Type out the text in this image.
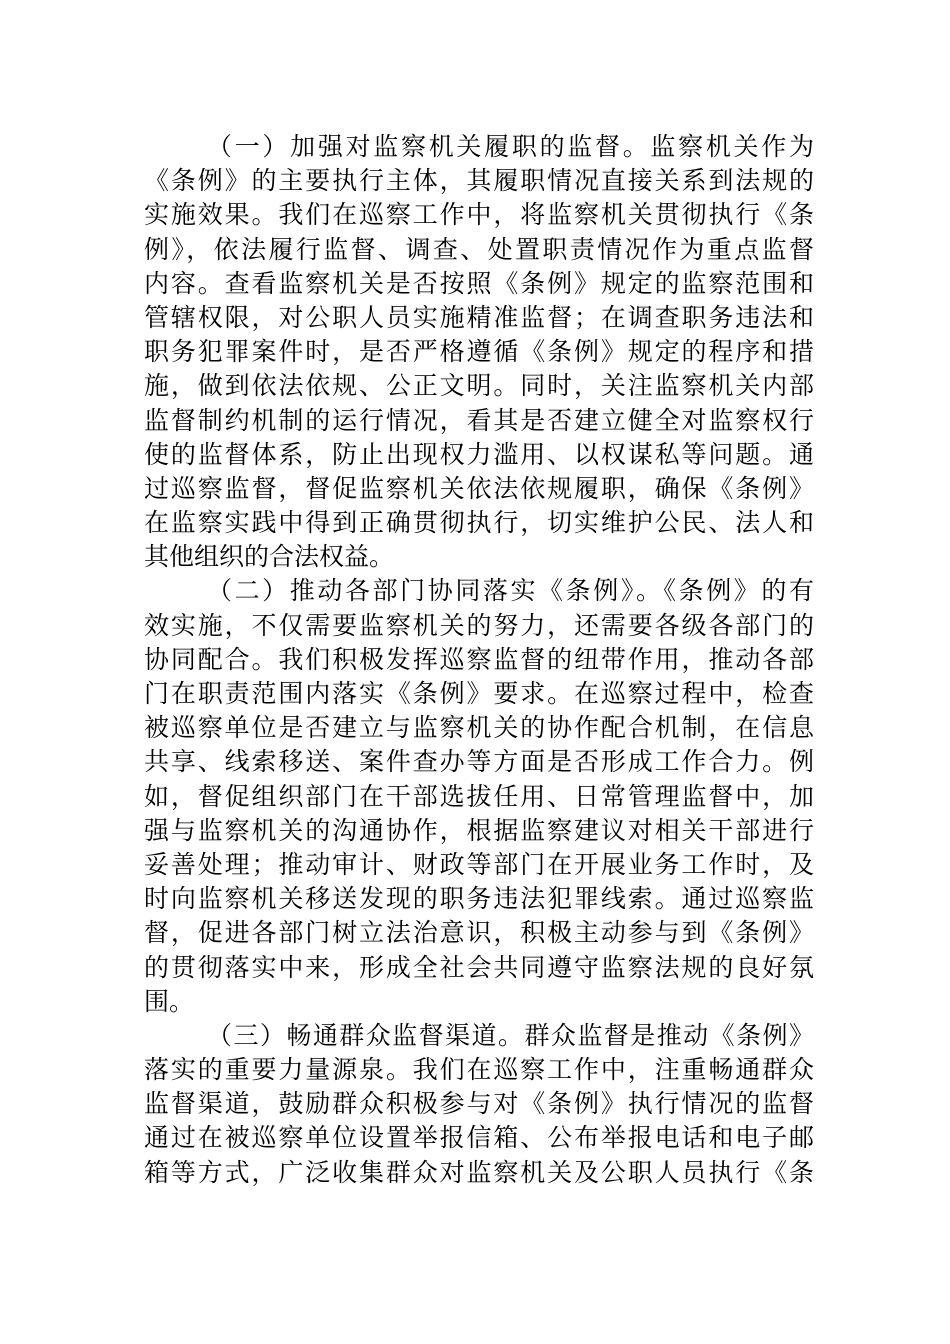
（一）加强对监察机关履职的监督。监察机关作为
《条例》的主要执行主体，其履职情况直接关系到法规的
实施效果。我们在巡察工作中，将监察机关贯彻执行《条
例》，依法履行监督、调查、处置职责情况作为重点监督
内容。查看监察机关是否按照《条例》规定的监察范围和
管辖权限，对公职人员实施精准监督；在调查职务违法和
职务犯罪案件时，是否严格遵循《条例》规定的程序和措
施，做到依法依规、公正文明。同时，关注监察机关内部
监督制约机制的运行情况，看其是否建立健全对监察权行
使的监督体系，防止出现权力滥用、以权谋私等问题。通
过巡察监督，督促监察机关依法依规履职，确保《条例》
在监察实践中得到正确贯彻执行，切实维护公民、法人和
其他组织的合法权益。
（二）推动各部门协同落实《条例》。《条例》的有
效实施，不仅需要监察机关的努力，还需要各级各部门的
协同配合。我们积极发挥巡察监督的纽带作用，推动各部
门在职责范围内落实《条例》要求。在巡察过程中，检查
被巡察单位是否建立与监察机关的协作配合机制，在信息
共享、线索移送、案件查办等方面是否形成工作合力。例
如，督促组织部门在干部选拔任用、日常管理监督中，加
强与监察机关的沟通协作，根据监察建议对相关干部进行
妥善处理；推动审计、财政等部门在开展业务工作时，及
时向监察机关移送发现的职务违法犯罪线索。通过巡察监
督，促进各部门树立法治意识，积极主动参与到《条例》
的贯彻落实中来，形成全社会共同遵守监察法规的良好氛
围。
（三）畅通群众监督渠道。群众监督是推动《条例》
落实的重要力量源泉。我们在巡察工作中，注重畅通群众
监督渠道，鼓励群众积极参与对《条例》执行情况的监督
通过在被巡察单位设置举报信箱、公布举报电话和电子邮
箱等方式，广泛收集群众对监察机关及公职人员执行《条
